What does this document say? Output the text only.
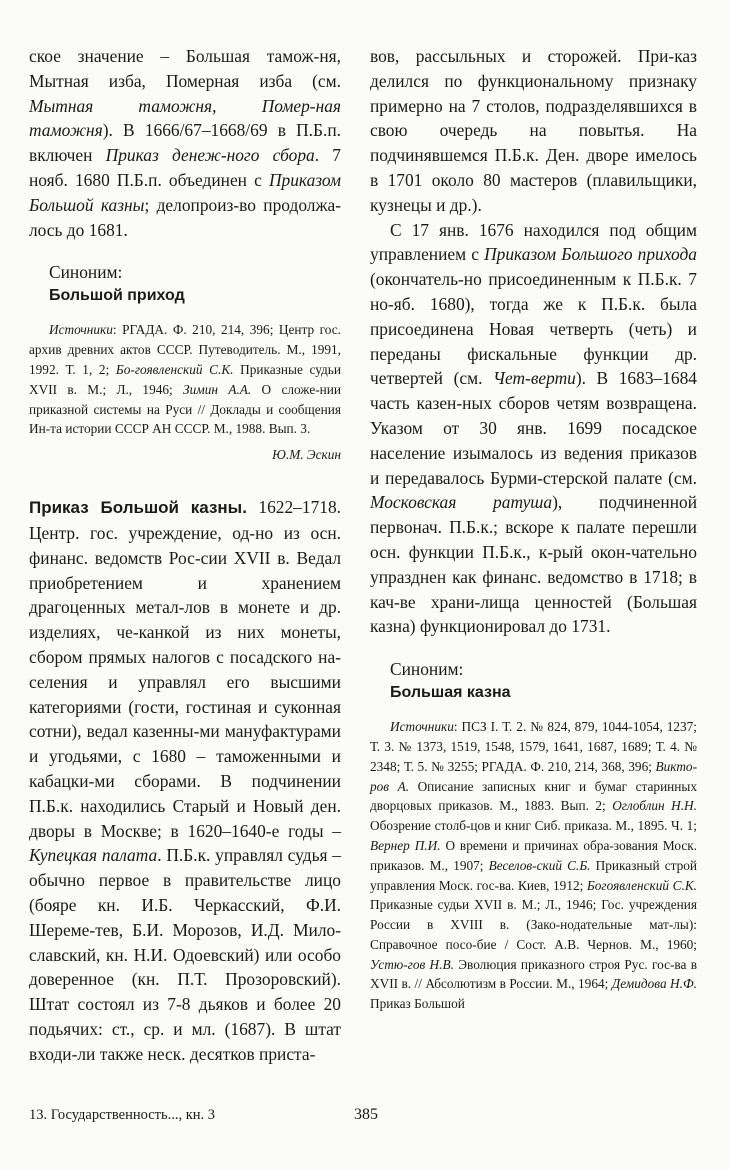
ское значение – Большая тамож-ня, Мытная изба, Померная изба (см. Мытная таможня, Помер-ная таможня). В 1666/67–1668/69 в П.Б.п. включен Приказ денеж-ного сбора. 7 нояб. 1680 П.Б.п. объединен с Приказом Большой казны; делопроиз-во продолжа-лось до 1681.

Синоним:
Большой приход

Источники: РГАДА. Ф. 210, 214, 396; Центр гос. архив древних актов СССР. Путеводитель. М., 1991, 1992. Т. 1, 2; Бо-гоявленский С.К. Приказные судьи XVII в. М.; Л., 1946; Зимин А.А. О сложе-нии приказной системы на Руси // Доклады и сообщения Ин-та истории СССР АН СССР. М., 1988. Вып. 3.

Ю.М. Эскин

Приказ Большой казны. 1622–1718. Центр. гос. учреждение, од-но из осн. финанс. ведомств Рос-сии XVII в. Ведал приобретением и хранением драгоценных метал-лов в монете и др. изделиях, че-канкой из них монеты, сбором прямых налогов с посадского на-селения и управлял его высшими категориями (гости, гостиная и суконная сотни), ведал казенны-ми мануфактурами и угодьями, с 1680 – таможенными и кабацки-ми сборами. В подчинении П.Б.к. находились Старый и Новый ден. дворы в Москве; в 1620–1640-е годы – Купецкая палата. П.Б.к. управлял судья – обычно первое в правительстве лицо (бояре кн. И.Б. Черкасский, Ф.И. Шереме-тев, Б.И. Морозов, И.Д. Мило-славский, кн. Н.И. Одоевский) или особо доверенное (кн. П.Т. Прозоровский). Штат состоял из 7-8 дьяков и более 20 подьячих: ст., ср. и мл. (1687). В штат входи-ли также неск. десятков приста-

вов, рассыльных и сторожей. При-каз делился по функциональному признаку примерно на 7 столов, подразделявшихся в свою очередь на повытья. На подчинявшемся П.Б.к. Ден. дворе имелось в 1701 около 80 мастеров (плавильщики, кузнецы и др.).

С 17 янв. 1676 находился под общим управлением с Приказом Большого прихода (окончатель-но присоединенным к П.Б.к. 7 но-яб. 1680), тогда же к П.Б.к. была присоединена Новая четверть (четь) и переданы фискальные функции др. четвертей (см. Чет-верти). В 1683–1684 часть казен-ных сборов четям возвращена. Указом от 30 янв. 1699 посадское население изымалось из ведения приказов и передавалось Бурми-стерской палате (см. Московская ратуша), подчиненной первонач. П.Б.к.; вскоре к палате перешли осн. функции П.Б.к., к-рый окон-чательно упразднен как финанс. ведомство в 1718; в кач-ве храни-лища ценностей (Большая казна) функционировал до 1731.

Синоним:
Большая казна

Источники: ПСЗ I. Т. 2. № 824, 879, 1044-1054, 1237; Т. 3. № 1373, 1519, 1548, 1579, 1641, 1687, 1689; Т. 4. № 2348; Т. 5. № 3255; РГАДА. Ф. 210, 214, 368, 396; Викто-ров А. Описание записных книг и бумаг старинных дворцовых приказов. М., 1883. Вып. 2; Оглоблин Н.Н. Обозрение столб-цов и книг Сиб. приказа. М., 1895. Ч. 1; Вернер П.И. О времени и причинах обра-зования Моск. приказов. М., 1907; Веселов-ский С.Б. Приказный строй управления Моск. гос-ва. Киев, 1912; Богоявленский С.К. Приказные судьи XVII в. М.; Л., 1946; Гос. учреждения России в XVIII в. (Зако-нодательные мат-лы): Справочное посо-бие / Сост. А.В. Чернов. М., 1960; Устю-гов Н.В. Эволюция приказного строя Рус. гос-ва в XVII в. // Абсолютизм в России. М., 1964; Демидова Н.Ф. Приказ Большой

13. Государственность..., кн. 3	385
